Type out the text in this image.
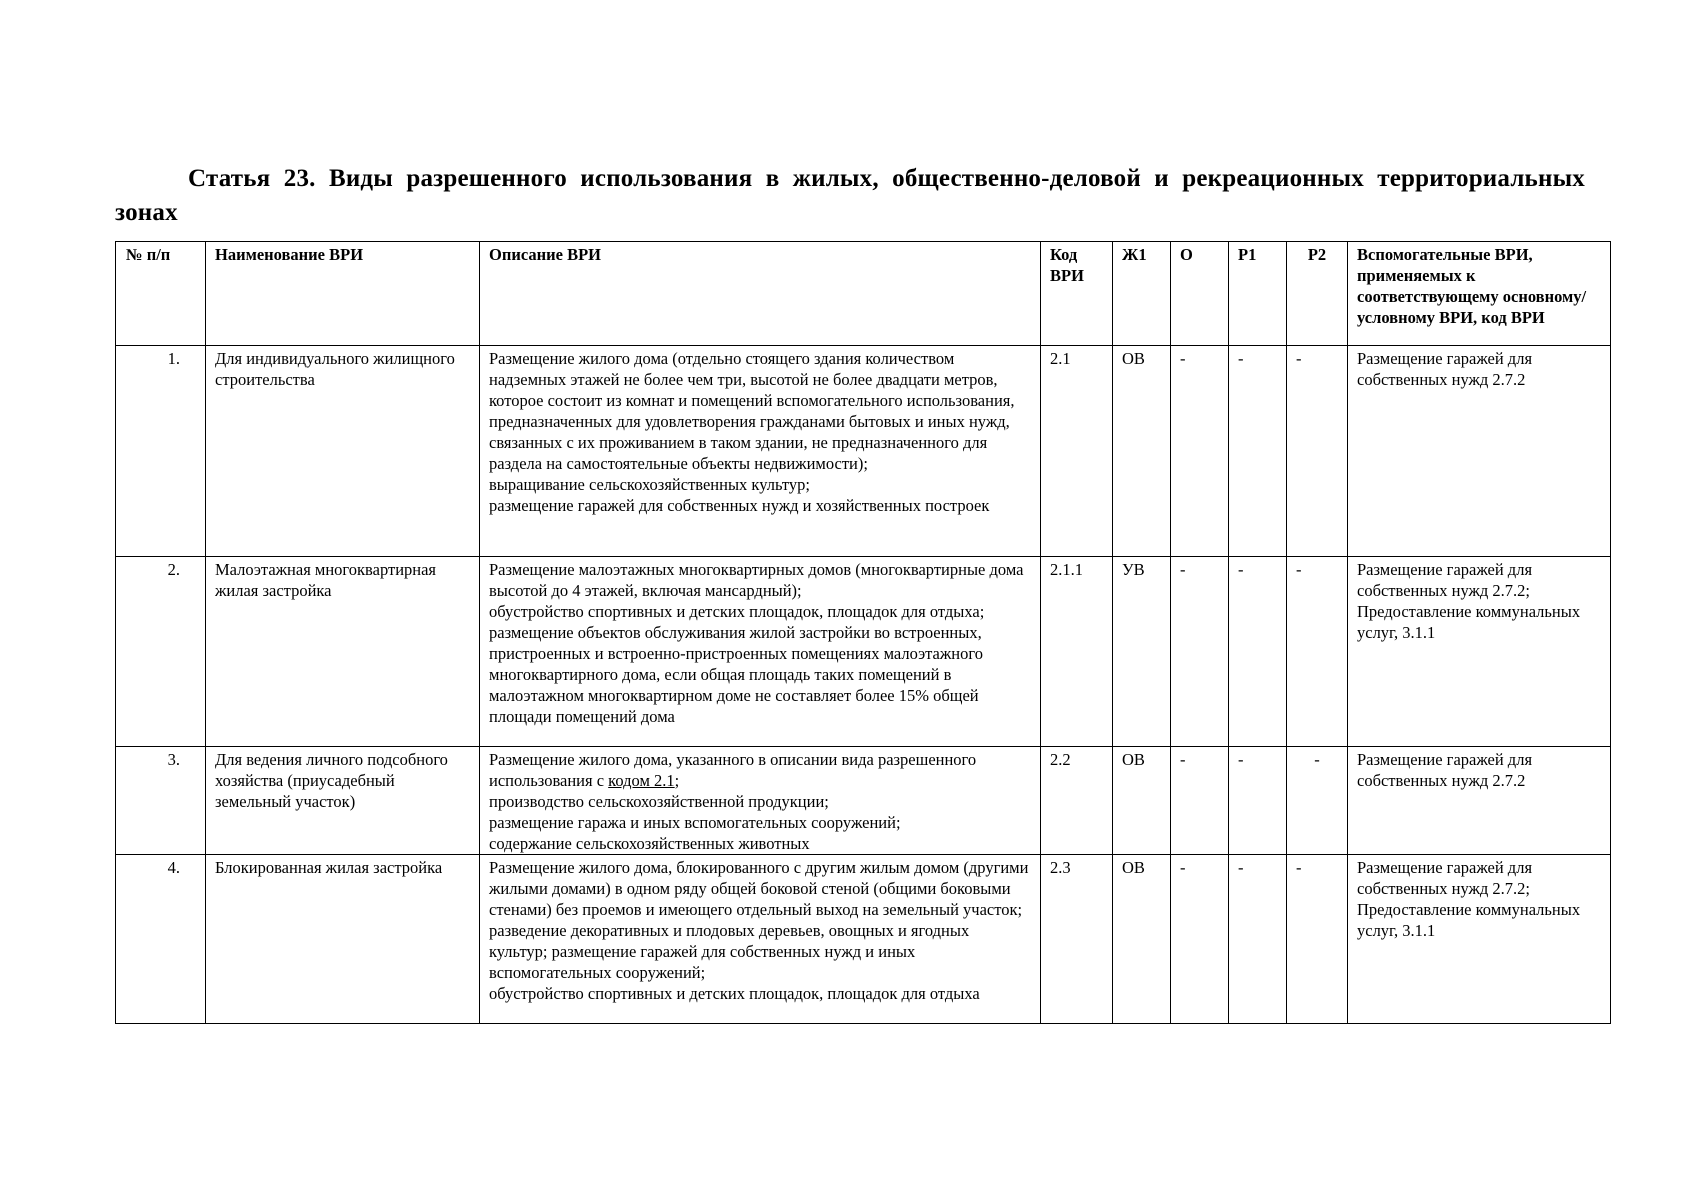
Статья 23. Виды разрешенного использования в жилых, общественно-деловой и рекреационных территориальных зонах
№ п/п	Наименование ВРИ	Описание ВРИ	Код ВРИ	Ж1	О	Р1	Р2	Вспомогательные ВРИ, применяемых к соответствующему основному/условному ВРИ, код ВРИ
1.	Для индивидуального жилищного строительства	Размещение жилого дома (отдельно стоящего здания количеством надземных этажей не более чем три, высотой не более двадцати метров, которое состоит из комнат и помещений вспомогательного использования, предназначенных для удовлетворения гражданами бытовых и иных нужд, связанных с их проживанием в таком здании, не предназначенного для раздела на самостоятельные объекты недвижимости);
выращивание сельскохозяйственных культур;
размещение гаражей для собственных нужд и хозяйственных построек	2.1	ОВ	-	-	-	Размещение гаражей для собственных нужд 2.7.2
2.	Малоэтажная многоквартирная жилая застройка	Размещение малоэтажных многоквартирных домов (многоквартирные дома высотой до 4 этажей, включая мансардный);
обустройство спортивных и детских площадок, площадок для отдыха; размещение объектов обслуживания жилой застройки во встроенных, пристроенных и встроенно-пристроенных помещениях малоэтажного многоквартирного дома, если общая площадь таких помещений в малоэтажном многоквартирном доме не составляет более 15% общей площади помещений дома	2.1.1	УВ	-	-	-	Размещение гаражей для собственных нужд 2.7.2; Предоставление коммунальных услуг, 3.1.1
3.	Для ведения личного подсобного хозяйства (приусадебный земельный участок)	Размещение жилого дома, указанного в описании вида разрешенного использования с кодом 2.1;
производство сельскохозяйственной продукции;
размещение гаража и иных вспомогательных сооружений;
содержание сельскохозяйственных животных	2.2	ОВ	-	-	-	Размещение гаражей для собственных нужд 2.7.2
4.	Блокированная жилая застройка	Размещение жилого дома, блокированного с другим жилым домом (другими жилыми домами) в одном ряду общей боковой стеной (общими боковыми стенами) без проемов и имеющего отдельный выход на земельный участок; разведение декоративных и плодовых деревьев, овощных и ягодных культур; размещение гаражей для собственных нужд и иных вспомогательных сооружений;
обустройство спортивных и детских площадок, площадок для отдыха	2.3	ОВ	-	-	-	Размещение гаражей для собственных нужд 2.7.2; Предоставление коммунальных услуг, 3.1.1
